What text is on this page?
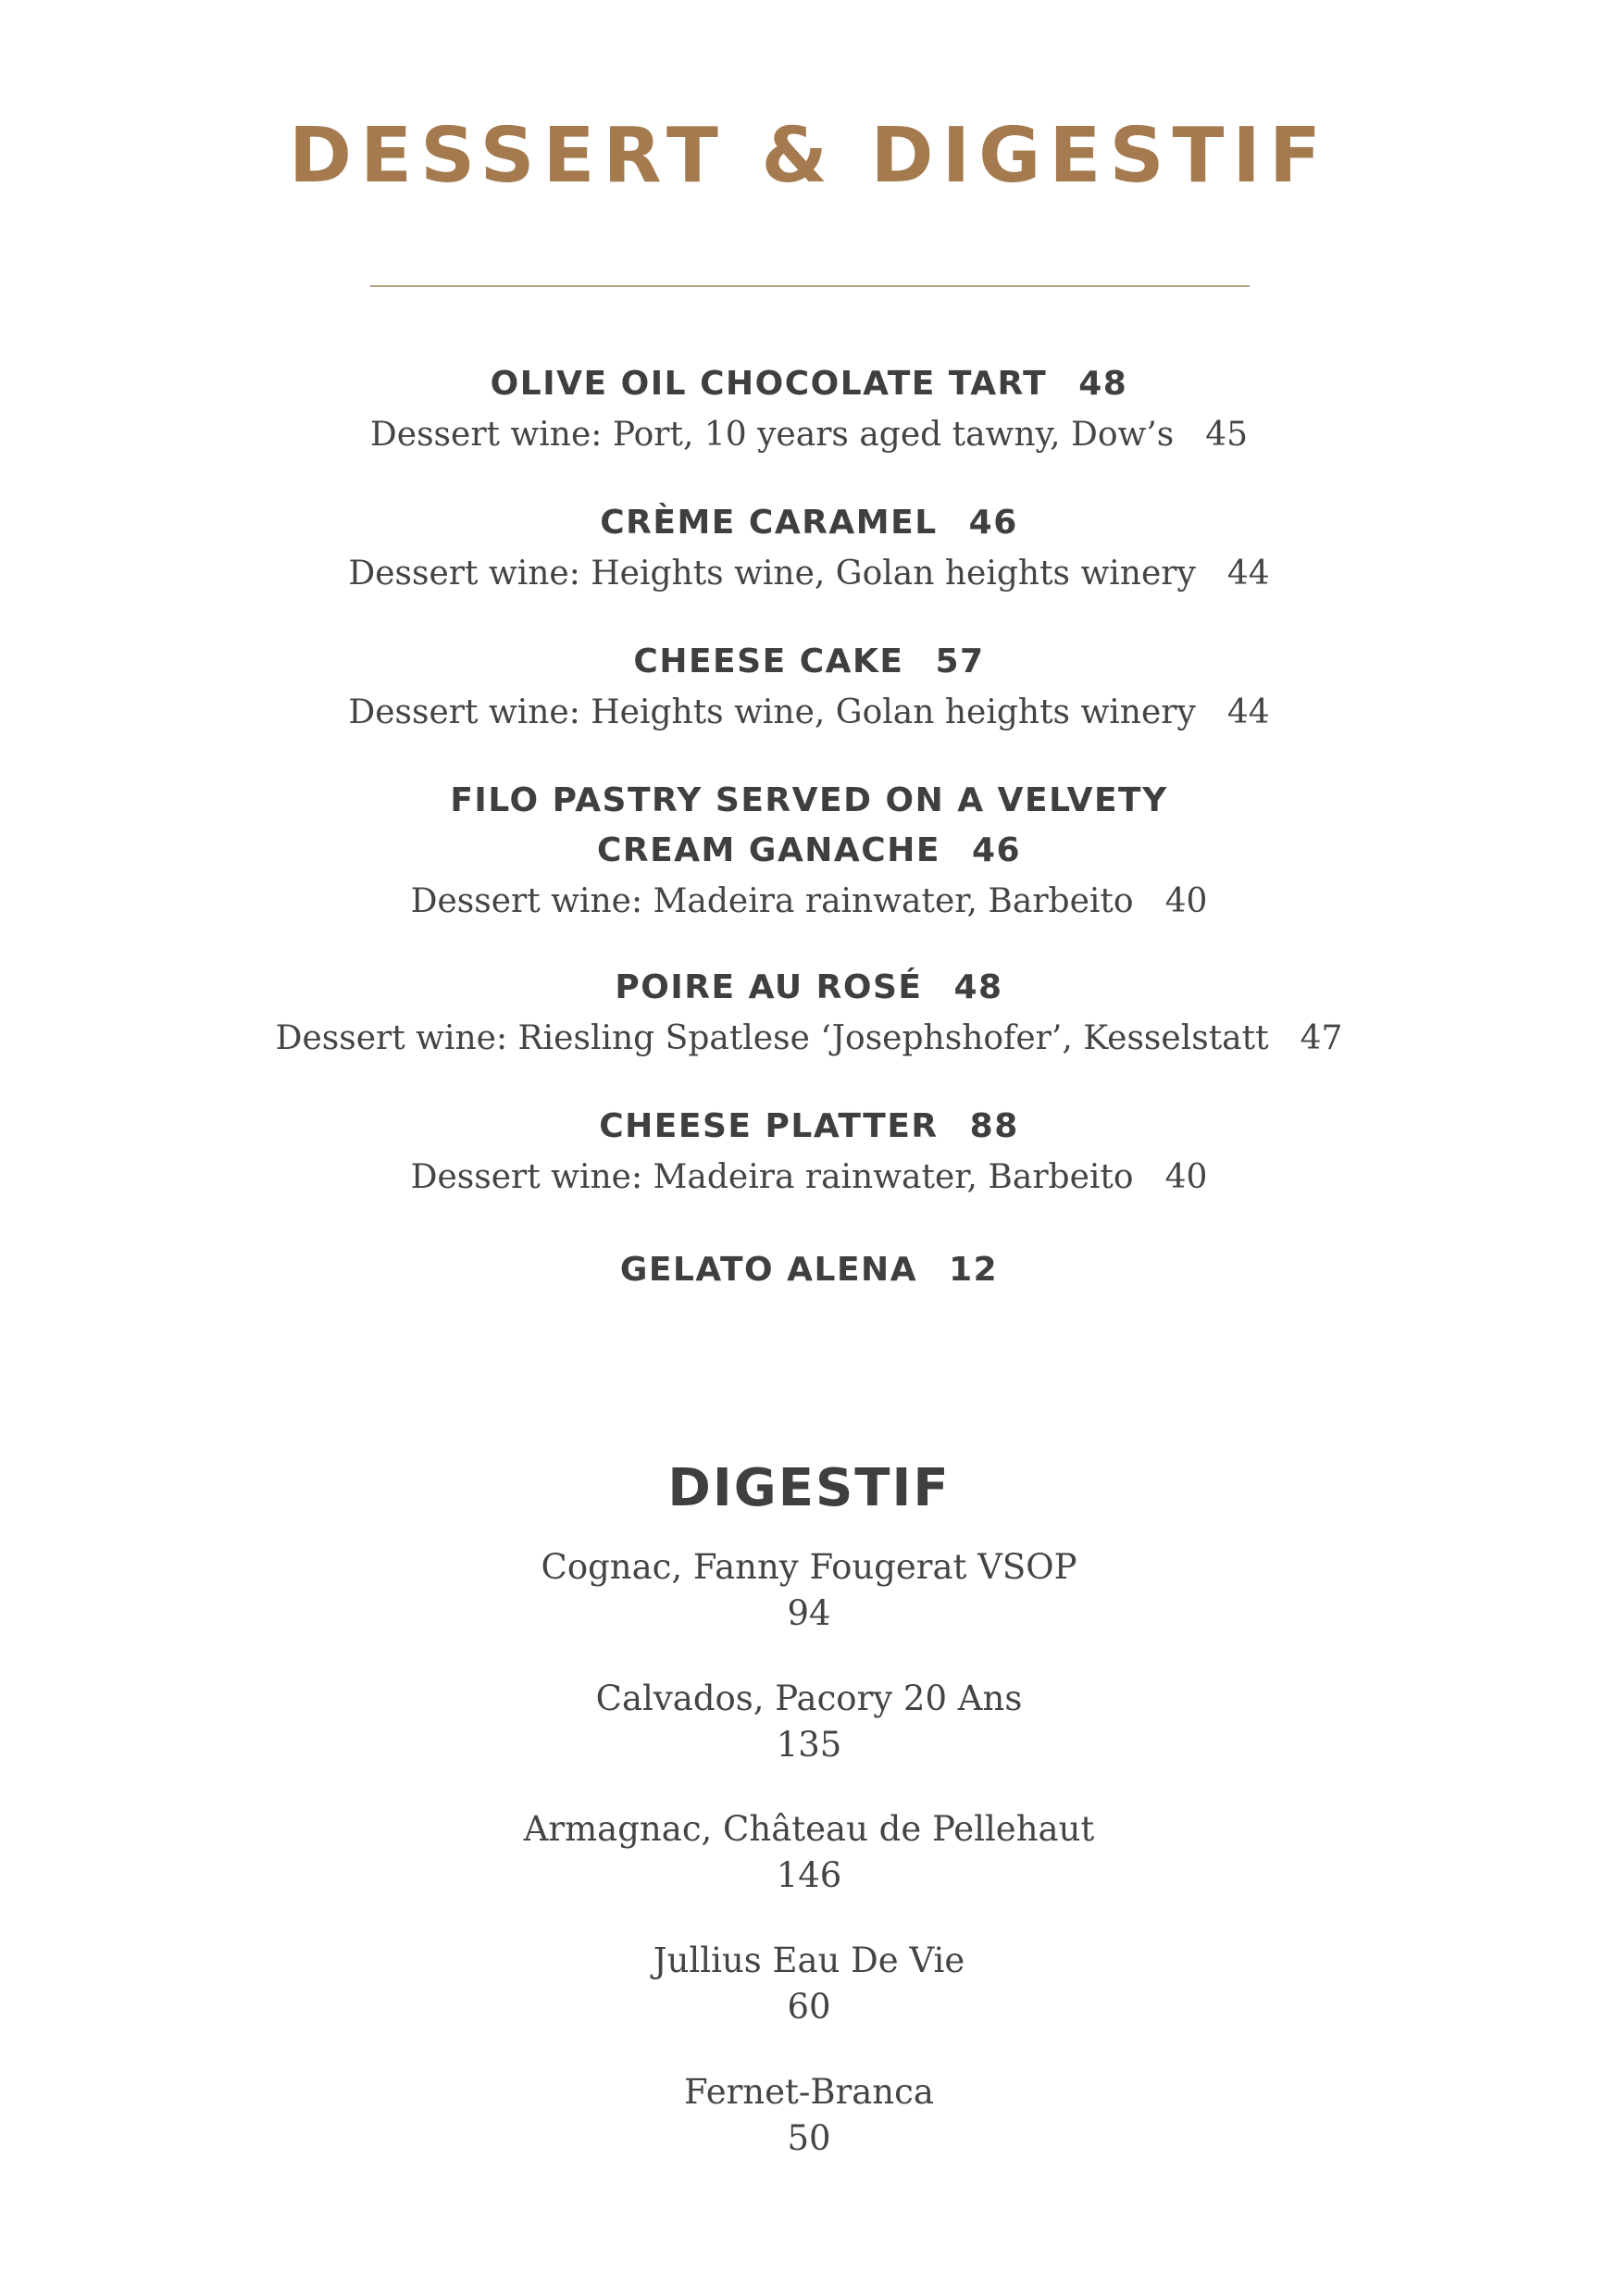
DESSERT & DIGESTIF
OLIVE OIL CHOCOLATE TART 48
Dessert wine: Port, 10 years aged tawny, Dow’s 45
CRÈME CARAMEL 46
Dessert wine: Heights wine, Golan heights winery 44
CHEESE CAKE 57
Dessert wine: Heights wine, Golan heights winery 44
FILO PASTRY SERVED ON A VELVETY
CREAM GANACHE 46
Dessert wine: Madeira rainwater, Barbeito 40
POIRE AU ROSÉ 48
Dessert wine: Riesling Spatlese ‘Josephshofer’, Kesselstatt 47
CHEESE PLATTER 88
Dessert wine: Madeira rainwater, Barbeito 40
GELATO ALENA 12
DIGESTIF
Cognac, Fanny Fougerat VSOP
94
Calvados, Pacory 20 Ans
135
Armagnac, Château de Pellehaut
146
Jullius Eau De Vie
60
Fernet-Branca
50
